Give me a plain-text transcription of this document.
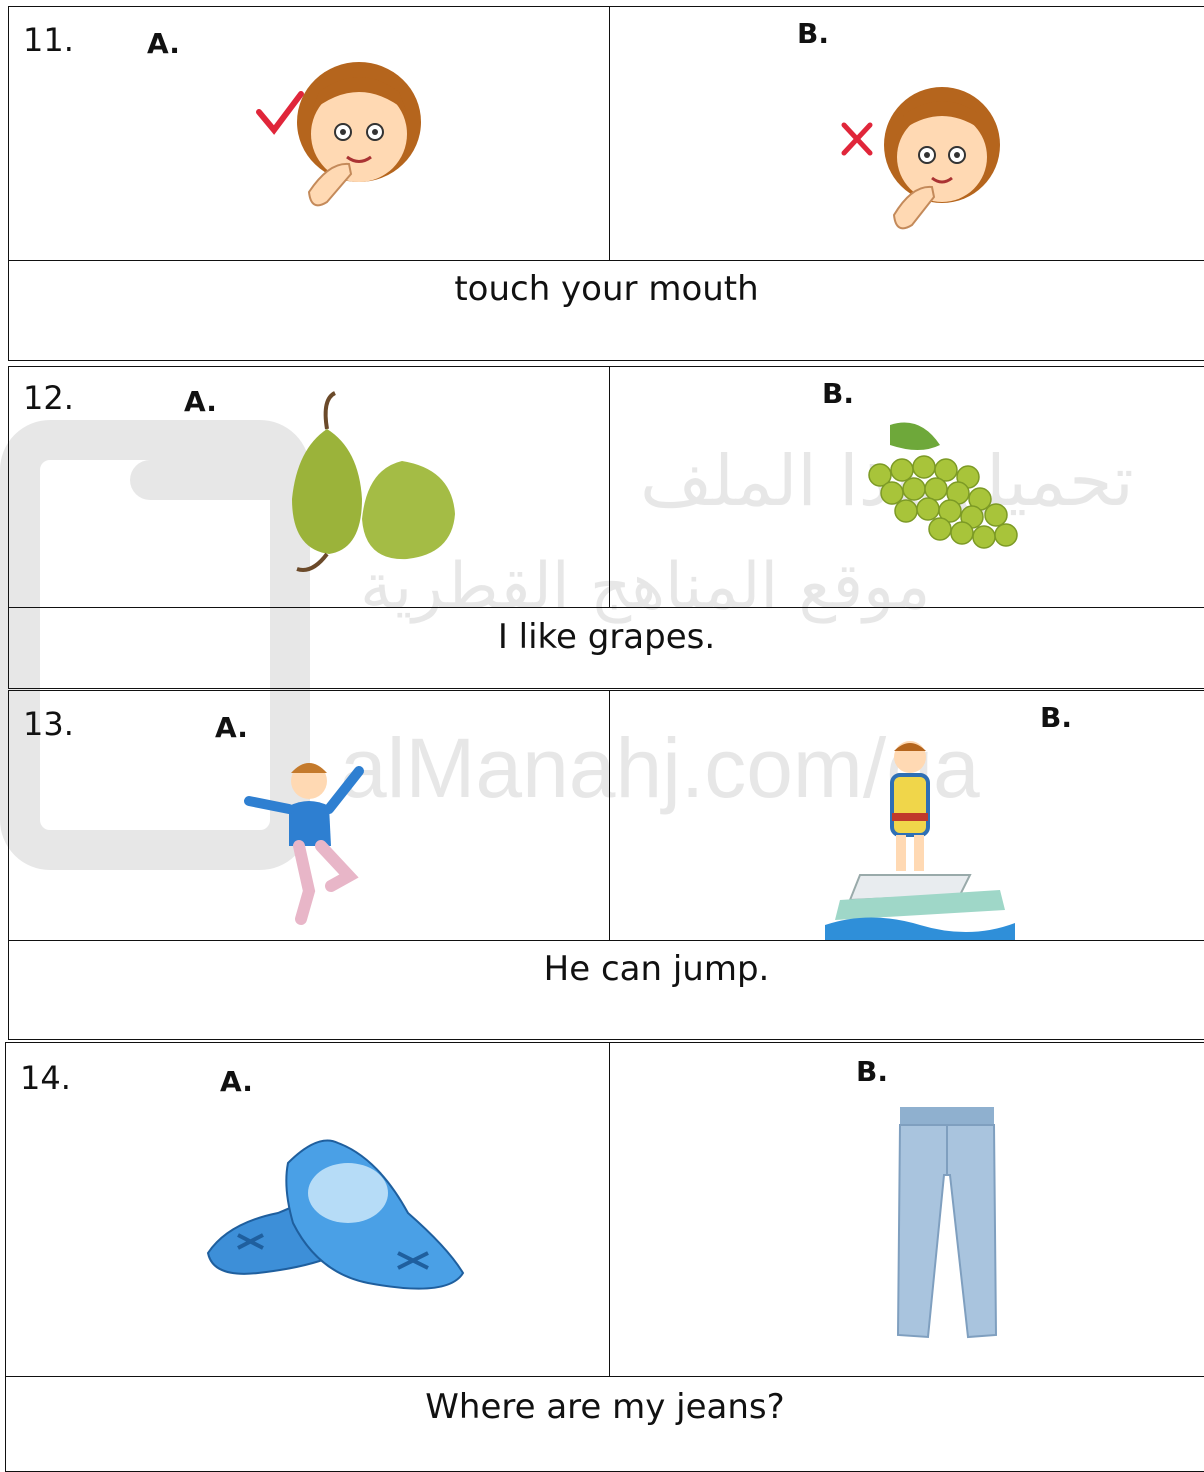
تحميل الملف
موقع المناهج القطرية
alManahj.com/qa
11.	A.	B.
touch your mouth
12.	A.	B.
I like grapes.
13.	A.	B.
He can jump.
14.	A.	B.
Where are my jeans?
